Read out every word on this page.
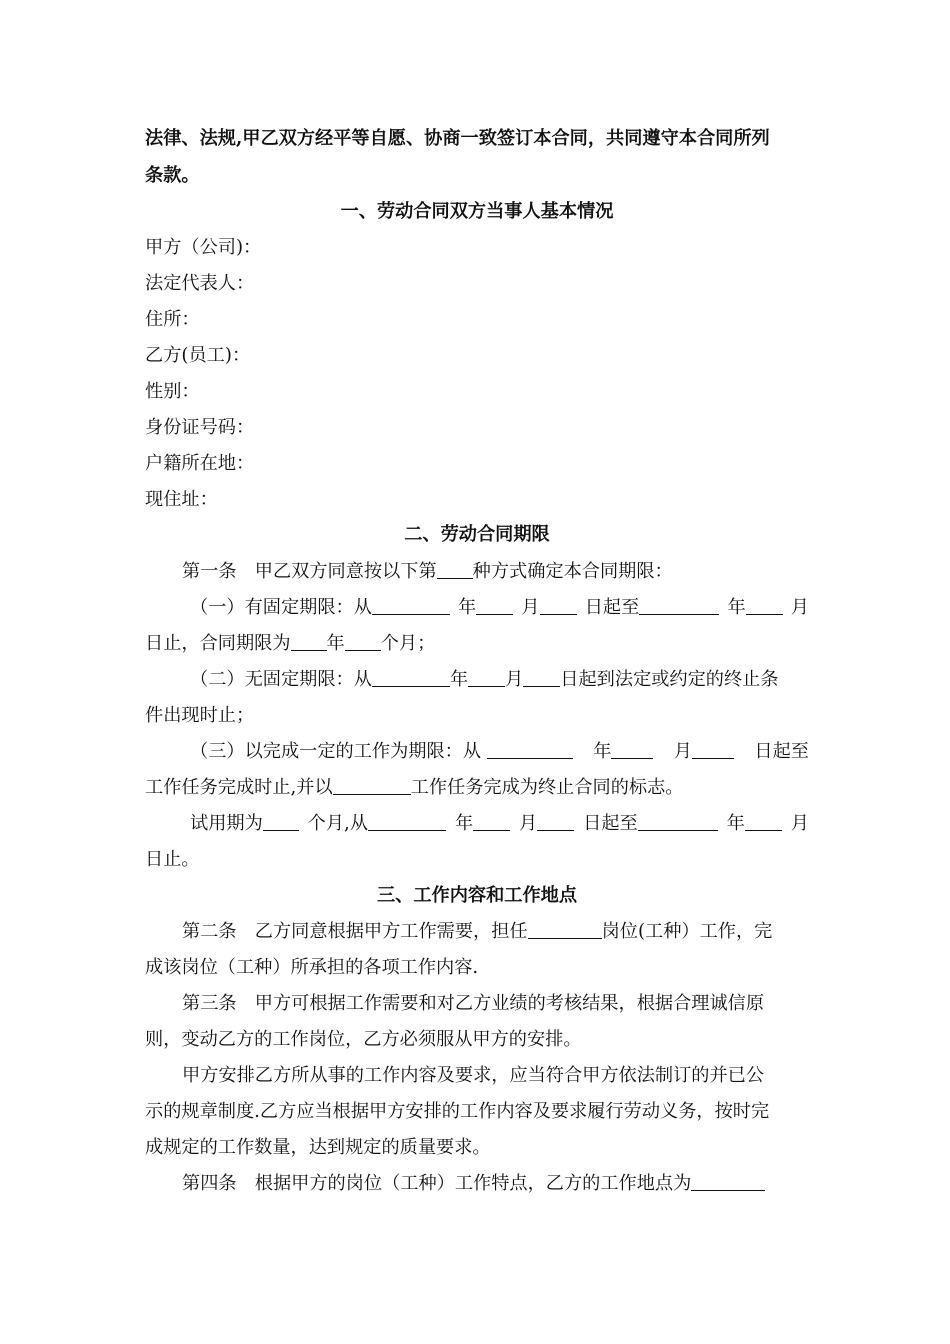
法律、法规,甲乙双方经平等自愿、协商一致签订本合同，共同遵守本合同所列
条款。
一、劳动合同双方当事人基本情况
甲方（公司)：
法定代表人：
住所：
乙方(员工)：
性别：
身份证号码：
户籍所在地：
现住址：
二、劳动合同期限
第一条　甲乙双方同意按以下第 种方式确定本合同期限：
（一）有固定期限：从	年	月	日起至	年	月
日止，合同期限为 年 个月；
（二）无固定期限：从	年 月 日起到法定或约定的终止条
件出现时止；
（三）以完成一定的工作为期限：从	年	月	日起至
工作任务完成时止,并以	工作任务完成为终止合同的标志。
试用期为	个月,从	年	月	日起至	年	月
日止。
三、工作内容和工作地点
第二条　乙方同意根据甲方工作需要，担任	岗位(工种）工作，完
成该岗位（工种）所承担的各项工作内容.
第三条　甲方可根据工作需要和对乙方业绩的考核结果，根据合理诚信原
则，变动乙方的工作岗位，乙方必须服从甲方的安排。
甲方安排乙方所从事的工作内容及要求，应当符合甲方依法制订的并已公
示的规章制度.乙方应当根据甲方安排的工作内容及要求履行劳动义务，按时完
成规定的工作数量，达到规定的质量要求。
第四条　根据甲方的岗位（工种）工作特点，乙方的工作地点为
